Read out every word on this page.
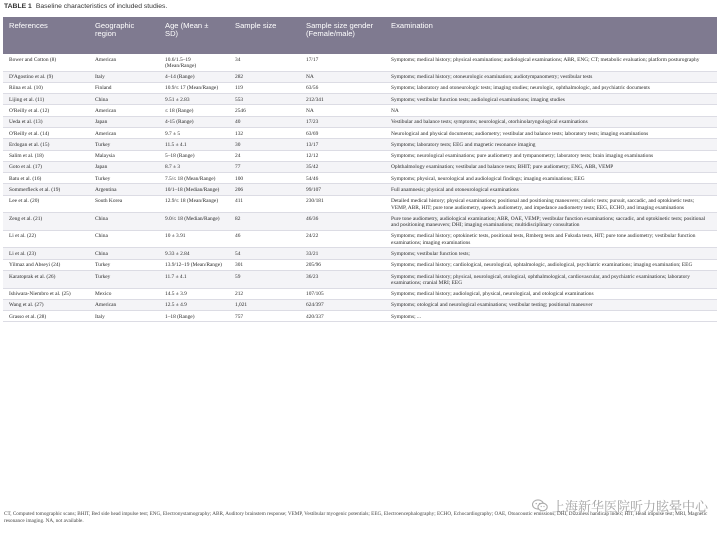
TABLE 1 Baseline characteristics of included studies.
References	Geographic region	Age (Mean ± SD)	Sample size	Sample size gender (Female/male)	Examination
Bower and Cotton (8)	American	10.6/1.5–19 (Mean/Range)	34	17/17	Symptoms; medical history; physical examinations; audiological examinations; ABR, ENG; CT; metabolic evaluation; platform posturography
D'Agostino et al. (9)	Italy	4–14 (Range)	282	NA	Symptoms; medical history; otoneurologic examination; audiotympanometry; vestibular tests
Riina et al. (10)	Finland	10.9/≤ 17 (Mean/Range)	119	63/56	Symptoms; laboratory and otoneurologic tests; imaging studies; neurologic, ophthalmologic, and psychiatric documents
Lijing et al. (11)	China	9.51 ± 2.83	553	212/341	Symptoms; vestibular function tests; audiological examinations; imaging studies
O'Reilly et al. (12)	American	≤ 18 (Range)	2546	NA	NA
Ueda et al. (13)	Japan	4-15 (Range)	40	17/23	Vestibular and balance tests; symptoms; neurological, otorhinolaryngological examinations
O'Reilly et al. (14)	American	9.7 ± 5	132	63/69	Neurological and physical documents; audiometry; vestibular and balance tests; laboratory tests; imaging examinations
Erdogan et al. (15)	Turkey	11.5 ± 4.1	30	13/17	Symptoms; laboratory tests; EEG and magnetic resonance imaging
Salim et al. (18)	Malaysia	5–18 (Range)	24	12/12	Symptoms; neurological examinations; pure audiometry and tympanometry; laboratory tests; brain imaging examinations
Goto et al. (17)	Japan	8.7 ± 3	77	35/42	Ophthalmology examination; vestibular and balance tests; BHIT; pure audiometry; ENG, ABR, VEMP
Batu et al. (16)	Turkey	7.5/≤ 18 (Mean/Range)	100	54/46	Symptoms; physical, neurological and audiological findings; imaging examinations; EEG
Sommerfleck et al. (19)	Argentina	10/1–18 (Median/Range)	206	99/107	Full anamnesis; physical and otoneurological examinations
Lee et al. (20)	South Korea	12.9/≤ 18 (Mean/Range)	411	230/181	Detailed medical history; physical examinations; positional and positioning maneuvers; caloric tests; pursuit, saccadic, and optokinetic tests; VEMP, ABR, HIT; pure tone audiometry, speech audiometry, and impedance audiometry tests; EEG, ECHO, and imaging examinations
Zeng et al. (21)	China	9.0/≤ 18 (Median/Range)	82	46/36	Pure tone audiometry, audiological examination; ABR, OAE, VEMP; vestibular function examinations; saccadic, and optokinetic tests; positional and positioning maneuvers; DHI; imaging examinations; multidisciplinary consultation
Li et al. (22)	China	10 ± 3.91	46	24/22	Symptoms; medical history; optokinetic tests, positional tests, Rmberg tests and Fukuda tests, HIT; pure tone audiometry; vestibular function examinations; imaging examinations
Li et al. (23)	China	9.33 ± 2.84	54	33/21	Symptoms; vestibular function tests;
Yilmaz and Abseyi (24)	Turkey	13.9/12–19 (Mean/Range)	301	205/96	Symptoms; medical history; cardiological, neurological, ophtalmologic, audiological, psychiatric examinations; imaging examination; EEG
Karatoprak et al. (26)	Turkey	11.7 ± 4.1	59	36/23	Symptoms; medical history; physical, neurological, otological, ophthalmological, cardiovascular, and psychiatric examinations; laboratory examinations; cranial MRI; EEG
Ishiwara-Niembro et al. (25)	Mexico	14.5 ± 3.9	212	107/105	Symptoms; medical history; audiological, physical, neurological, and otological examinations
Wang et al. (27)	American	12.5 ± 4.9	1,021	624/397	Symptoms; otological and neurological examinations; vestibular testing; positional maneuver
Grasso et al. (28)	Italy	1–18 (Range)	757	420/337	Symptoms; ...
CT, Computed tomographic scans; BHIT, Bed side head impulse test; ENG, Electronystamography; ABR, Auditory brainstem response; VEMP, Vestibular myogenic potentials; EEG, Electroencephalography; ECHO, Echocardiography; OAE, Otoacoustic emissions; DHI, Dizziness handicap index; HIT, Head impulse test; MRI, Magnetic resonance imaging. NA, not available.
上海新华医院听力眩晕中心
